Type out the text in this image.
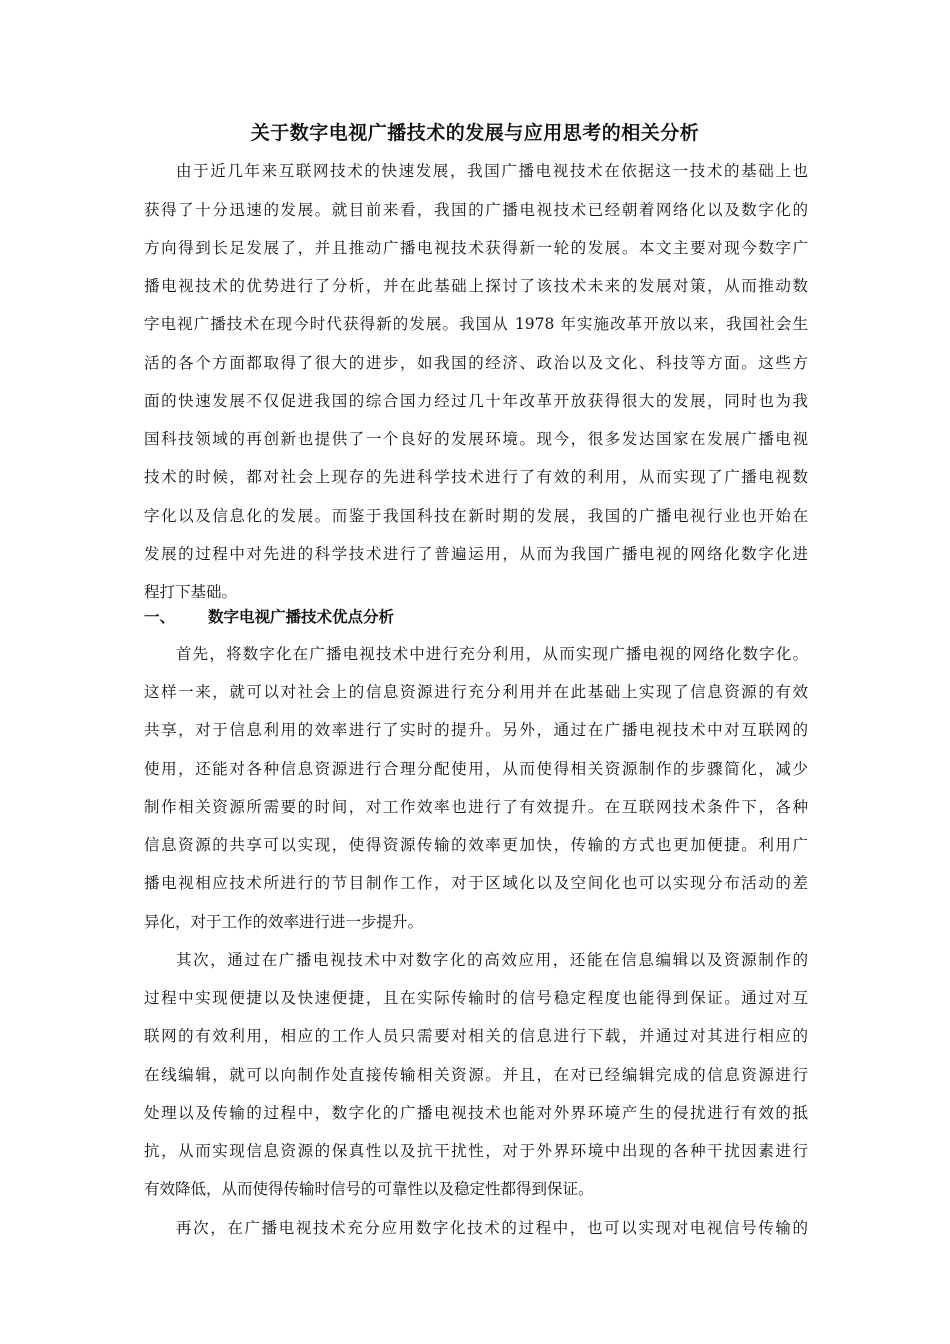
关于数字电视广播技术的发展与应用思考的相关分析
由于近几年来互联网技术的快速发展，我国广播电视技术在依据这一技术的基础上也
获得了十分迅速的发展。就目前来看，我国的广播电视技术已经朝着网络化以及数字化的
方向得到长足发展了，并且推动广播电视技术获得新一轮的发展。本文主要对现今数字广
播电视技术的优势进行了分析，并在此基础上探讨了该技术未来的发展对策，从而推动数
字电视广播技术在现今时代获得新的发展。我国从 1978 年实施改革开放以来，我国社会生
活的各个方面都取得了很大的进步，如我国的经济、政治以及文化、科技等方面。这些方
面的快速发展不仅促进我国的综合国力经过几十年改革开放获得很大的发展，同时也为我
国科技领域的再创新也提供了一个良好的发展环境。现今，很多发达国家在发展广播电视
技术的时候，都对社会上现存的先进科学技术进行了有效的利用，从而实现了广播电视数
字化以及信息化的发展。而鉴于我国科技在新时期的发展，我国的广播电视行业也开始在
发展的过程中对先进的科学技术进行了普遍运用，从而为我国广播电视的网络化数字化进
程打下基础。
一、 数字电视广播技术优点分析
首先，将数字化在广播电视技术中进行充分利用，从而实现广播电视的网络化数字化。
这样一来，就可以对社会上的信息资源进行充分利用并在此基础上实现了信息资源的有效
共享，对于信息利用的效率进行了实时的提升。另外，通过在广播电视技术中对互联网的
使用，还能对各种信息资源进行合理分配使用，从而使得相关资源制作的步骤简化，减少
制作相关资源所需要的时间，对工作效率也进行了有效提升。在互联网技术条件下，各种
信息资源的共享可以实现，使得资源传输的效率更加快，传输的方式也更加便捷。利用广
播电视相应技术所进行的节目制作工作，对于区域化以及空间化也可以实现分布活动的差
异化，对于工作的效率进行进一步提升。
其次，通过在广播电视技术中对数字化的高效应用，还能在信息编辑以及资源制作的
过程中实现便捷以及快速便捷，且在实际传输时的信号稳定程度也能得到保证。通过对互
联网的有效利用，相应的工作人员只需要对相关的信息进行下载，并通过对其进行相应的
在线编辑，就可以向制作处直接传输相关资源。并且，在对已经编辑完成的信息资源进行
处理以及传输的过程中，数字化的广播电视技术也能对外界环境产生的侵扰进行有效的抵
抗，从而实现信息资源的保真性以及抗干扰性，对于外界环境中出现的各种干扰因素进行
有效降低，从而使得传输时信号的可靠性以及稳定性都得到保证。
再次，在广播电视技术充分应用数字化技术的过程中，也可以实现对电视信号传输的
